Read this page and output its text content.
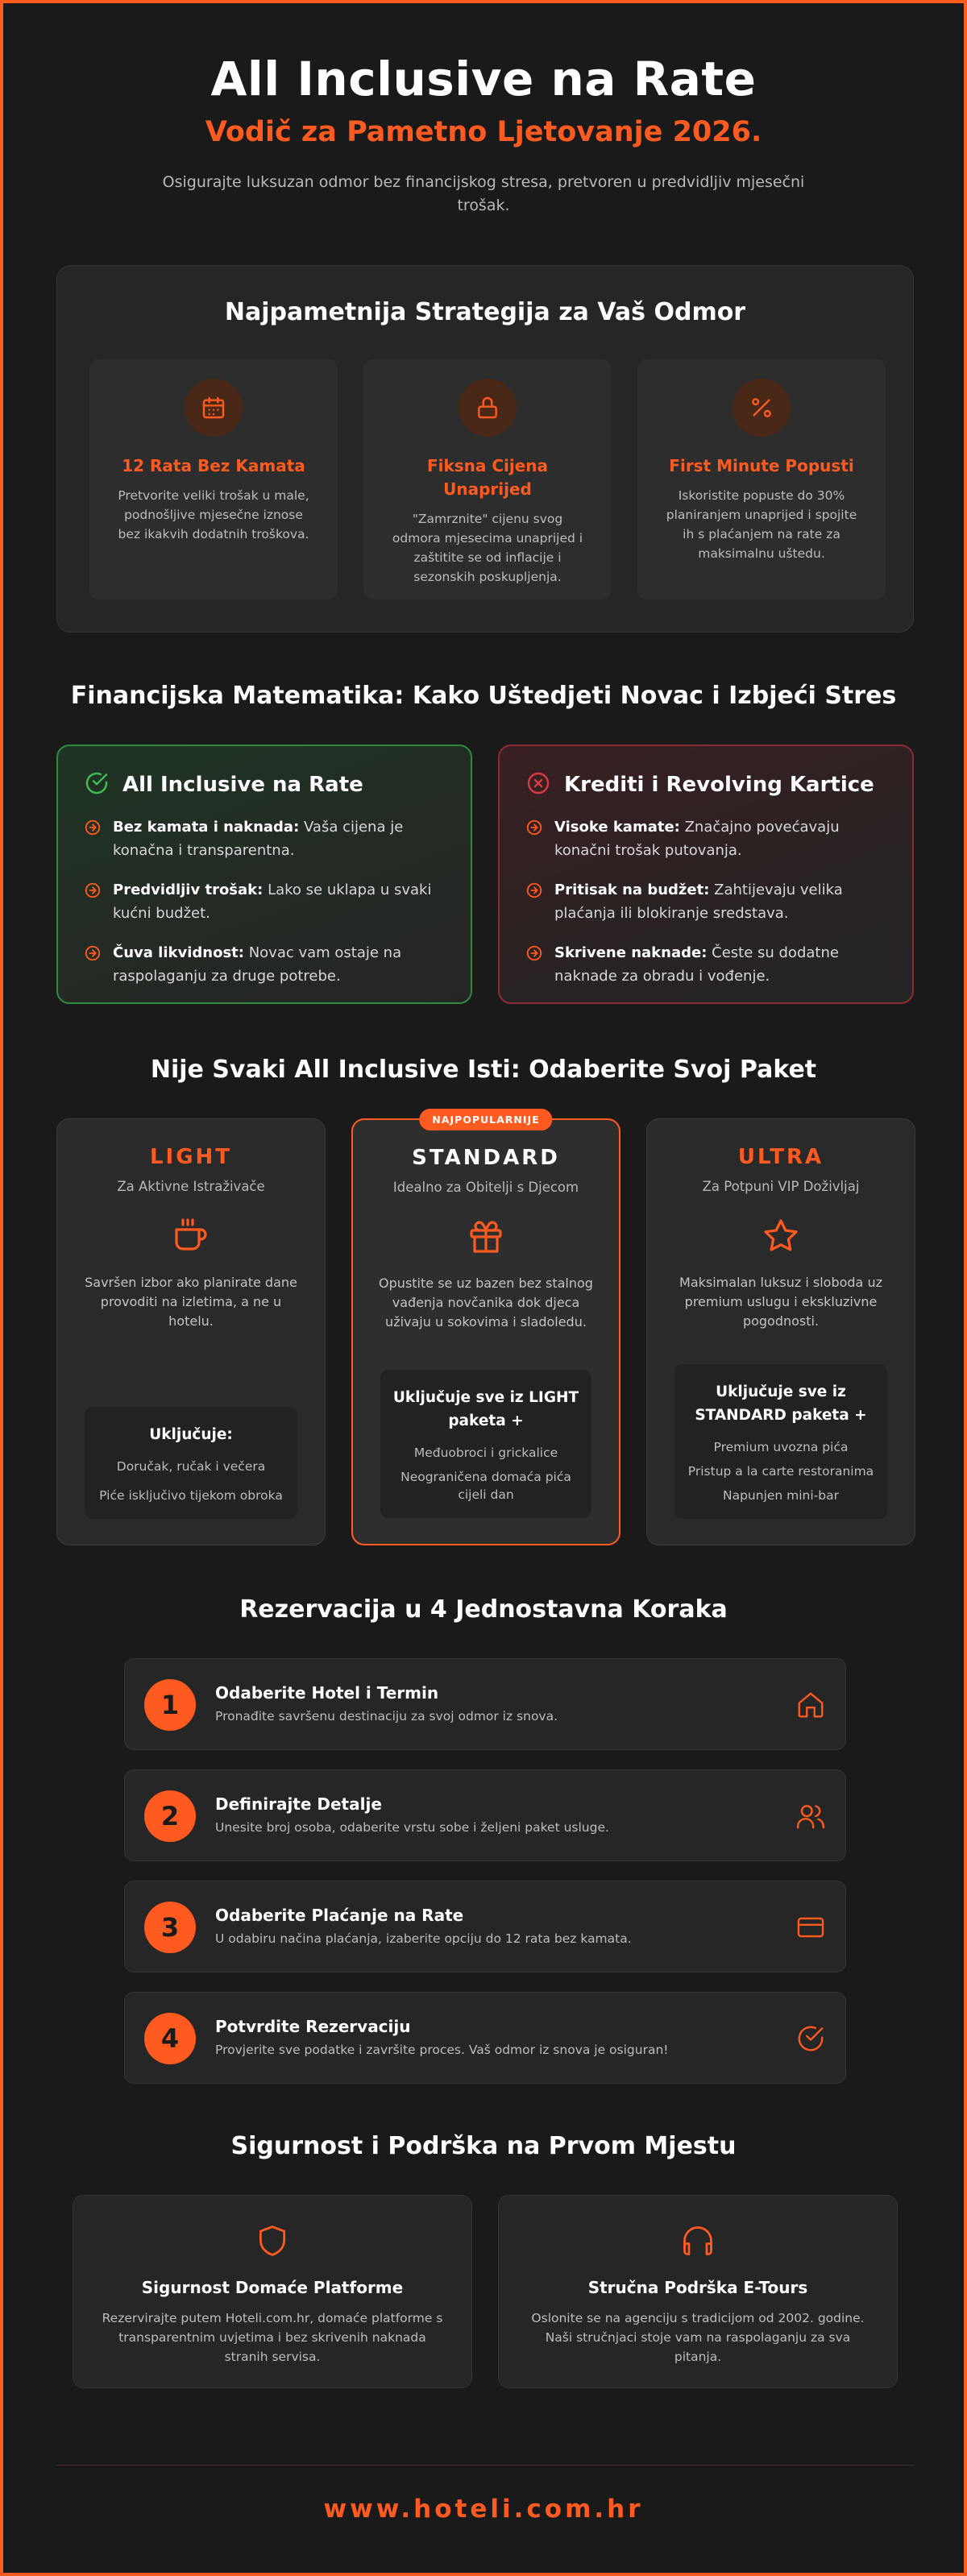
All Inclusive na Rate
Vodič za Pametno Ljetovanje 2026.

Osigurajte luksuzan odmor bez financijskog stresa, pretvoren u predvidljiv mjesečni trošak.

Najpametnija Strategija za Vaš Odmor
12 Rata Bez Kamata

Pretvorite veliki trošak u male, podnošljive mjesečne iznose bez ikakvih dodatnih troškova.

Fiksna Cijena Unaprijed

"Zamrznite" cijenu svog odmora mjesecima unaprijed i zaštitite se od inflacije i sezonskih poskupljenja.

First Minute Popusti

Iskoristite popuste do 30% planiranjem unaprijed i spojite ih s plaćanjem na rate za maksimalnu uštedu.

Financijska Matematika: Kako Uštedjeti Novac i Izbjeći Stres
All Inclusive na Rate
Bez kamata i naknada: Vaša cijena je konačna i transparentna.
Predvidljiv trošak: Lako se uklapa u svaki kućni budžet.
Čuva likvidnost: Novac vam ostaje na raspolaganju za druge potrebe.
Krediti i Revolving Kartice
Visoke kamate: Značajno povećavaju konačni trošak putovanja.
Pritisak na budžet: Zahtijevaju velika plaćanja ili blokiranje sredstava.
Skrivene naknade: Česte su dodatne naknade za obradu i vođenje.
Nije Svaki All Inclusive Isti: Odaberite Svoj Paket
LIGHT
Za Aktivne Istraživače

Savršen izbor ako planirate dane provoditi na izletima, a ne u hotelu.

Uključuje:
Doručak, ručak i večera
Piće isključivo tijekom obroka
NAJPOPULARNIJE
STANDARD
Idealno za Obitelji s Djecom

Opustite se uz bazen bez stalnog vađenja novčanika dok djeca uživaju u sokovima i sladoledu.

Uključuje sve iz LIGHT paketa +
Međuobroci i grickalice
Neograničena domaća pića cijeli dan
ULTRA
Za Potpuni VIP Doživljaj

Maksimalan luksuz i sloboda uz premium uslugu i ekskluzivne pogodnosti.

Uključuje sve iz STANDARD paketa +
Premium uvozna pića
Pristup a la carte restoranima
Napunjen mini-bar
Rezervacija u 4 Jednostavna Koraka
1	Odaberite Hotel i Termin
Pronađite savršenu destinaciju za svoj odmor iz snova.
2	Definirajte Detalje
Unesite broj osoba, odaberite vrstu sobe i željeni paket usluge.
3	Odaberite Plaćanje na Rate
U odabiru načina plaćanja, izaberite opciju do 12 rata bez kamata.
4	Potvrdite Rezervaciju
Provjerite sve podatke i završite proces. Vaš odmor iz snova je osiguran!
Sigurnost i Podrška na Prvom Mjestu
Sigurnost Domaće Platforme

Rezervirajte putem Hoteli.com.hr, domaće platforme s transparentnim uvjetima i bez skrivenih naknada stranih servisa.

Stručna Podrška E-Tours

Oslonite se na agenciju s tradicijom od 2002. godine. Naši stručnjaci stoje vam na raspolaganju za sva pitanja.

www.hoteli.com.hr
